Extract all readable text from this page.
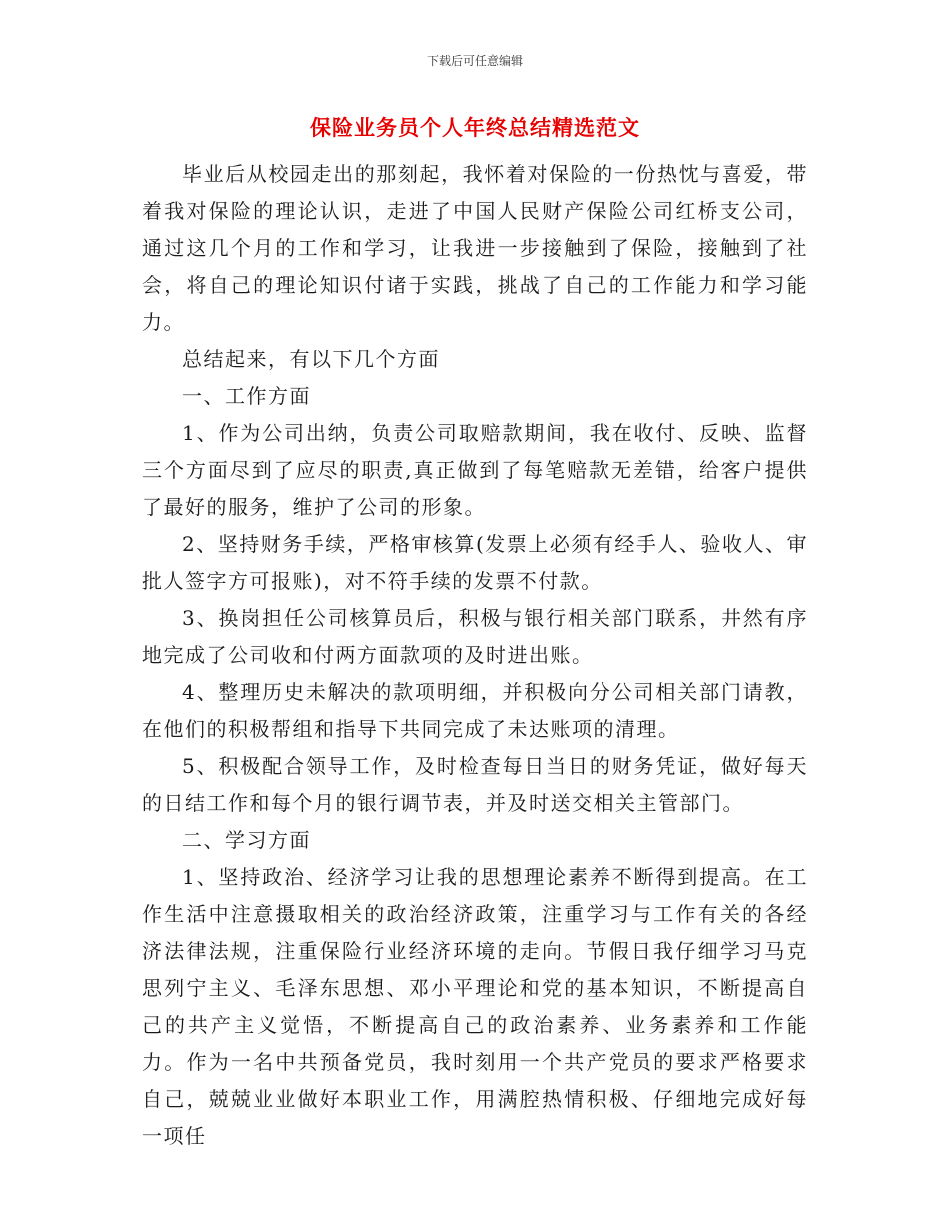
下载后可任意编辑
保险业务员个人年终总结精选范文

毕业后从校园走出的那刻起，我怀着对保险的一份热忱与喜爱，带着我对保险的理论认识，走进了中国人民财产保险公司红桥支公司，通过这几个月的工作和学习，让我进一步接触到了保险，接触到了社会，将自己的理论知识付诸于实践，挑战了自己的工作能力和学习能力。

总结起来，有以下几个方面

一、工作方面

1、作为公司出纳，负责公司取赔款期间，我在收付、反映、监督三个方面尽到了应尽的职责,真正做到了每笔赔款无差错，给客户提供了最好的服务，维护了公司的形象。

2、坚持财务手续，严格审核算(发票上必须有经手人、验收人、审批人签字方可报账)，对不符手续的发票不付款。

3、换岗担任公司核算员后，积极与银行相关部门联系，井然有序地完成了公司收和付两方面款项的及时进出账。

4、整理历史未解决的款项明细，并积极向分公司相关部门请教，在他们的积极帮组和指导下共同完成了未达账项的清理。

5、积极配合领导工作，及时检查每日当日的财务凭证，做好每天的日结工作和每个月的银行调节表，并及时送交相关主管部门。

二、学习方面

1、坚持政治、经济学习让我的思想理论素养不断得到提高。在工作生活中注意摄取相关的政治经济政策，注重学习与工作有关的各经济法律法规，注重保险行业经济环境的走向。节假日我仔细学习马克思列宁主义、毛泽东思想、邓小平理论和党的基本知识，不断提高自己的共产主义觉悟，不断提高自己的政治素养、业务素养和工作能力。作为一名中共预备党员，我时刻用一个共产党员的要求严格要求自己，兢兢业业做好本职业工作，用满腔热情积极、仔细地完成好每一项任
